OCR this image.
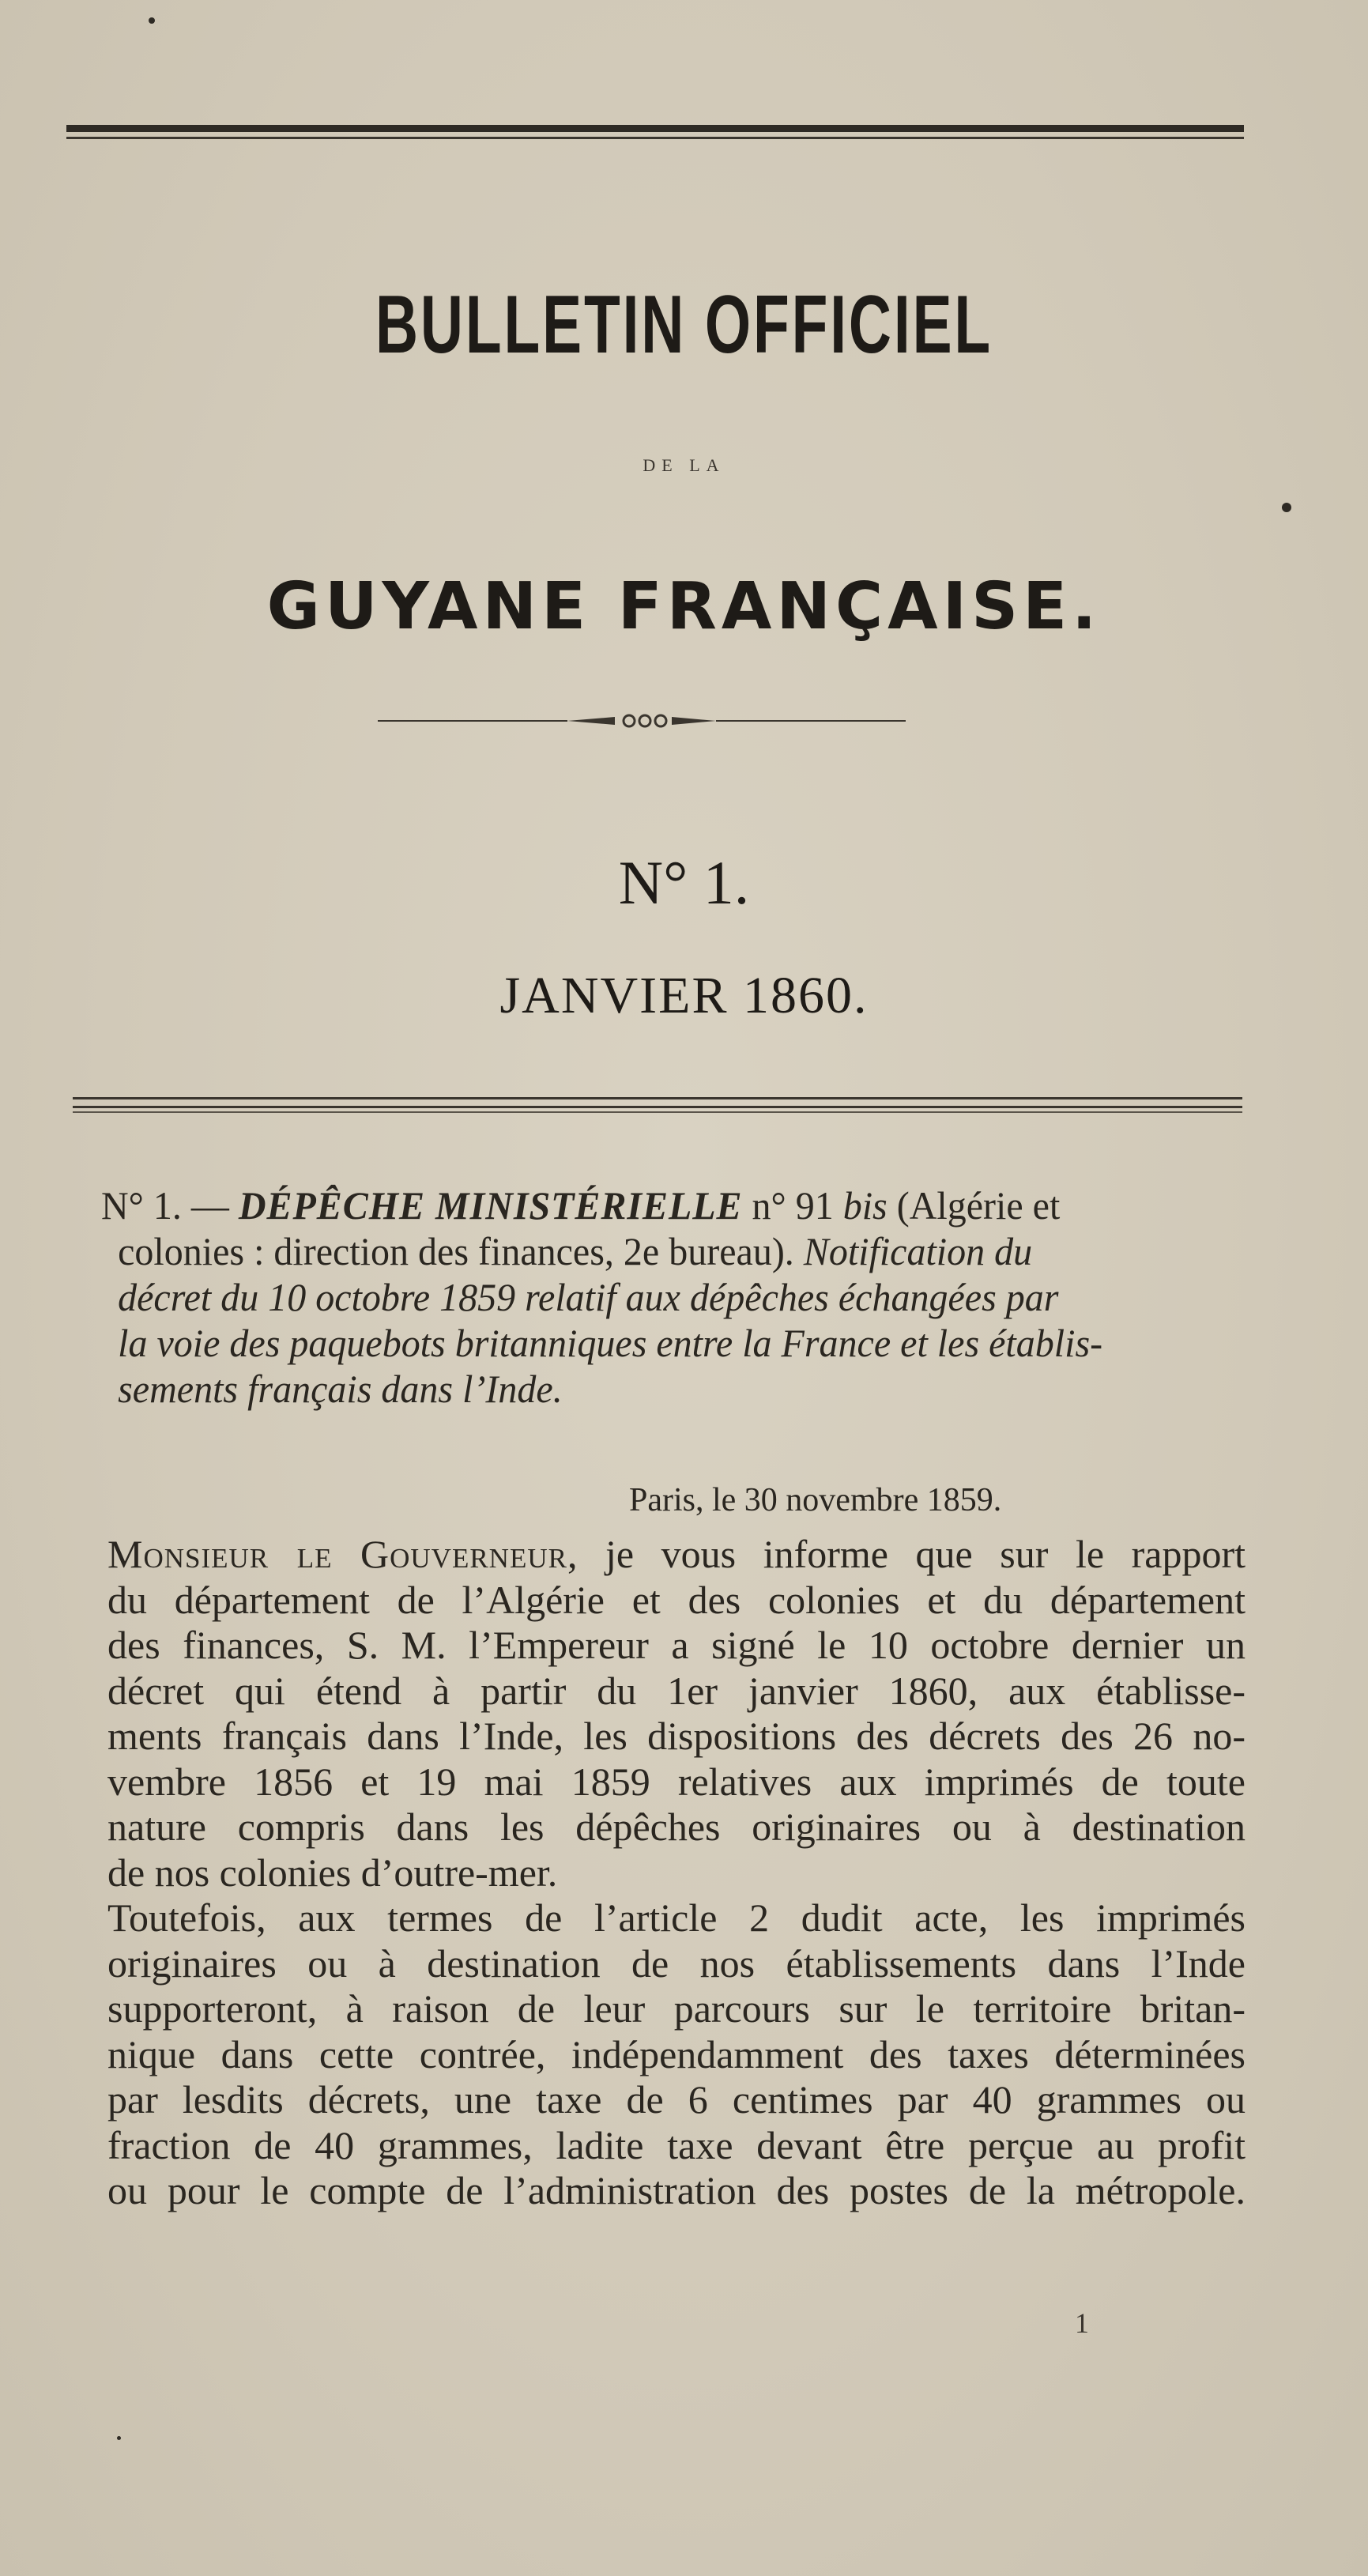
BULLETIN OFFICIEL
DE LA
GUYANE FRANÇAISE.
N° 1.
JANVIER 1860.
N° 1. — DÉPÊCHE MINISTÉRIELLE n° 91 bis (Algérie et
colonies : direction des finances, 2e bureau). Notification du
décret du 10 octobre 1859 relatif aux dépêches échangées par
la voie des paquebots britanniques entre la France et les établis-
sements français dans l’Inde.
Paris, le 30 novembre 1859.
Monsieur le Gouverneur, je vous informe que sur le rapport
du département de l’Algérie et des colonies et du département
des finances, S. M. l’Empereur a signé le 10 octobre dernier un
décret qui étend à partir du 1er janvier 1860, aux établisse-
ments français dans l’Inde, les dispositions des décrets des 26 no-
vembre 1856 et 19 mai 1859 relatives aux imprimés de toute
nature compris dans les dépêches originaires ou à destination
de nos colonies d’outre-mer.
Toutefois, aux termes de l’article 2 dudit acte, les imprimés
originaires ou à destination de nos établissements dans l’Inde
supporteront, à raison de leur parcours sur le territoire britan-
nique dans cette contrée, indépendamment des taxes déterminées
par lesdits décrets, une taxe de 6 centimes par 40 grammes ou
fraction de 40 grammes, ladite taxe devant être perçue au profit
ou pour le compte de l’administration des postes de la métropole.
1
